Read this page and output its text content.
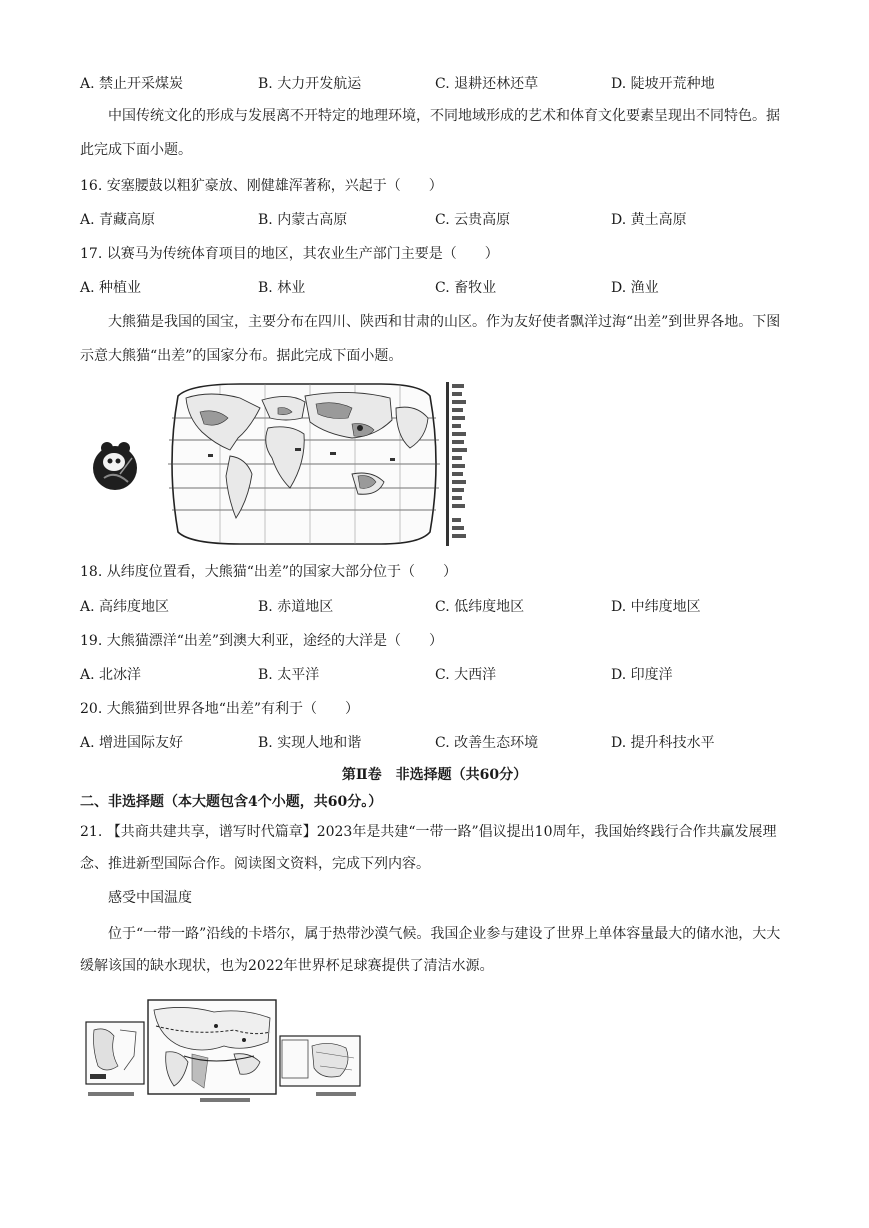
A. 禁止开采煤炭	B. 大力开发航运	C. 退耕还林还草	D. 陡坡开荒种地
中国传统文化的形成与发展离不开特定的地理环境，不同地域形成的艺术和体育文化要素呈现出不同特色。据此完成下面小题。
16. 安塞腰鼓以粗犷豪放、刚健雄浑著称，兴起于（　　）
A. 青藏高原	B. 内蒙古高原	C. 云贵高原	D. 黄土高原
17. 以赛马为传统体育项目的地区，其农业生产部门主要是（　　）
A. 种植业	B. 林业	C. 畜牧业	D. 渔业
大熊猫是我国的国宝，主要分布在四川、陕西和甘肃的山区。作为友好使者飘洋过海“出差”到世界各地。下图示意大熊猫“出差”的国家分布。据此完成下面小题。
18. 从纬度位置看，大熊猫“出差”的国家大部分位于（　　）
A. 高纬度地区	B. 赤道地区	C. 低纬度地区	D. 中纬度地区
19. 大熊猫漂洋“出差”到澳大利亚，途经的大洋是（　　）
A. 北冰洋	B. 太平洋	C. 大西洋	D. 印度洋
20. 大熊猫到世界各地“出差”有利于（　　）
A. 增进国际友好	B. 实现人地和谐	C. 改善生态环境	D. 提升科技水平
第Ⅱ卷　非选择题（共60分）
二、非选择题（本大题包含4个小题，共60分。）
21. 【共商共建共享，谱写时代篇章】2023年是共建“一带一路”倡议提出10周年，我国始终践行合作共赢发展理念、推进新型国际合作。阅读图文资料，完成下列内容。
感受中国温度
位于“一带一路”沿线的卡塔尔，属于热带沙漠气候。我国企业参与建设了世界上单体容量最大的储水池，大大缓解该国的缺水现状，也为2022年世界杯足球赛提供了清洁水源。
